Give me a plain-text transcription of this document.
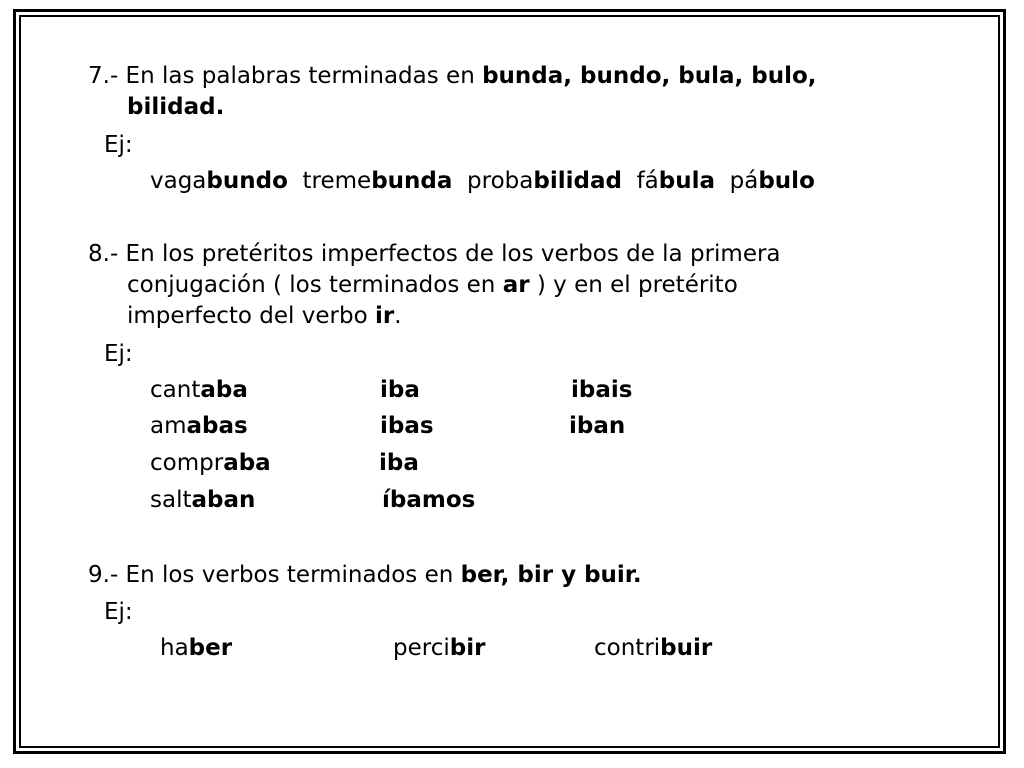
7.- En las palabras terminadas en bunda, bundo, bula, bulo,
bilidad.
Ej:
vagabundo tremebunda probabilidad fábula pábulo
8.- En los pretéritos imperfectos de los verbos de la primera
conjugación ( los terminados en ar ) y en el pretérito
imperfecto del verbo ir.
Ej:
cantaba
amabas
compraba
saltaban
iba
ibas
iba
íbamos
ibais
iban
9.- En los verbos terminados en ber, bir y buir.
Ej:
haber	percibir	contribuir
